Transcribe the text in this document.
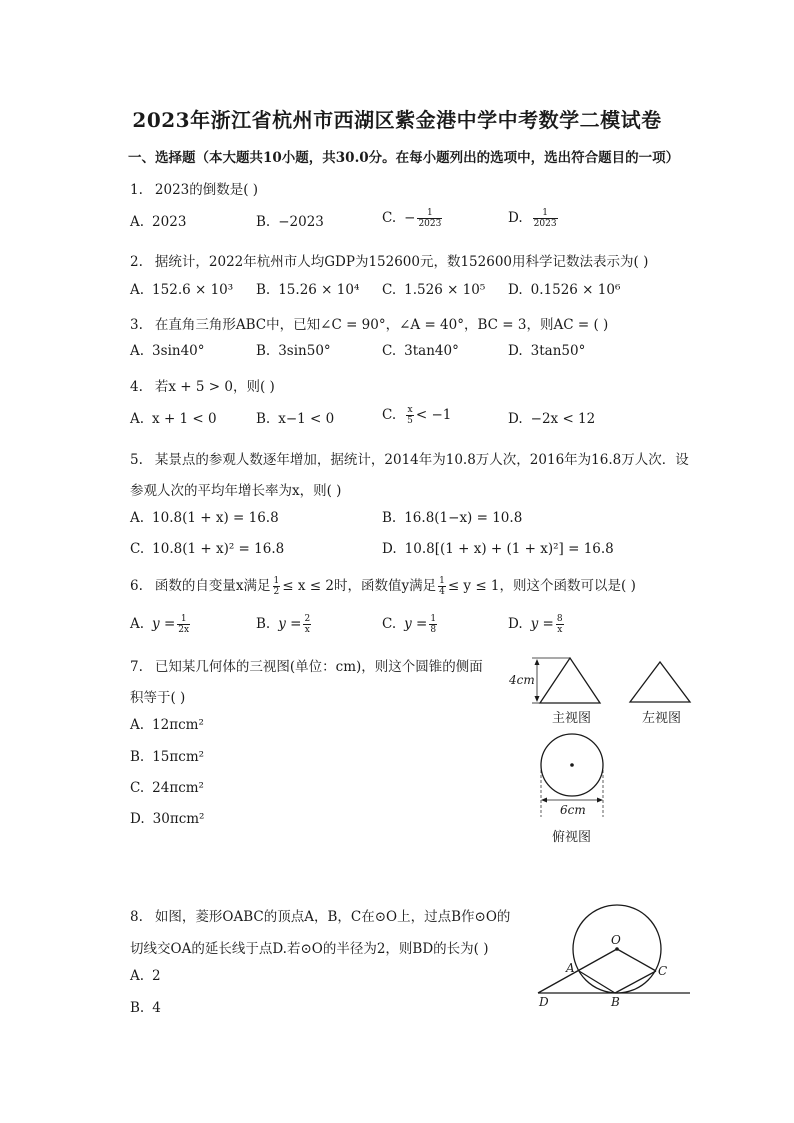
2023年浙江省杭州市西湖区紫金港中学中考数学二模试卷
一、选择题（本大题共10小题，共30.0分。在每小题列出的选项中，选出符合题目的一项）
1. 2023的倒数是( )
A. 2023	B. −2023	C. − $\frac{1}{2023}$	D. $\frac{1}{2023}$
2. 据统计，2022年杭州市人均GDP为152600元，数152600用科学记数法表示为( )
A. 152.6 × 10³ B. 15.26 × 10⁴ C. 1.526 × 10⁵ D. 0.1526 × 10⁶
3. 在直角三角形ABC中，已知∠C = 90°，∠A = 40°，BC = 3，则AC = ( )
A. 3sin40°	B. 3sin50°	C. 3tan40°	D. 3tan50°
4. 若x + 5 > 0，则( )
A. x + 1 < 0	B. x−1 < 0	C. $\frac{x}{5} < -1$	D. −2x < 12
5. 某景点的参观人数逐年增加，据统计，2014年为10.8万人次，2016年为16.8万人次．设
参观人次的平均年增长率为x，则( )
A. 10.8(1 + x) = 16.8	B. 16.8(1−x) = 10.8
C. 10.8(1 + x)² = 16.8	D. 10.8[(1 + x) + (1 + x)²] = 16.8
6. 函数的自变量x满足 $\frac{1}{2} \le x \le 2$时，函数值y满足 $\frac{1}{4} \le y \le 1$，则这个函数可以是( )
A. $y = \frac{1}{2x}$	B. $y = \frac{2}{x}$	C. $y = \frac{1}{8}$	D. $y = \frac{8}{x}$
7. 已知某几何体的三视图(单位：cm)，则这个圆锥的侧面
积等于( )
A. 12πcm²
B. 15πcm²
C. 24πcm²
D. 30πcm²
4cm
主视图	左视图
6cm
俯视图
8. 如图，菱形OABC的顶点A，B，C在⊙O上，过点B作⊙O的
切线交OA的延长线于点D.若⊙O的半径为2，则BD的长为( )
A. 2
B. 4
O
A
B
C
D
